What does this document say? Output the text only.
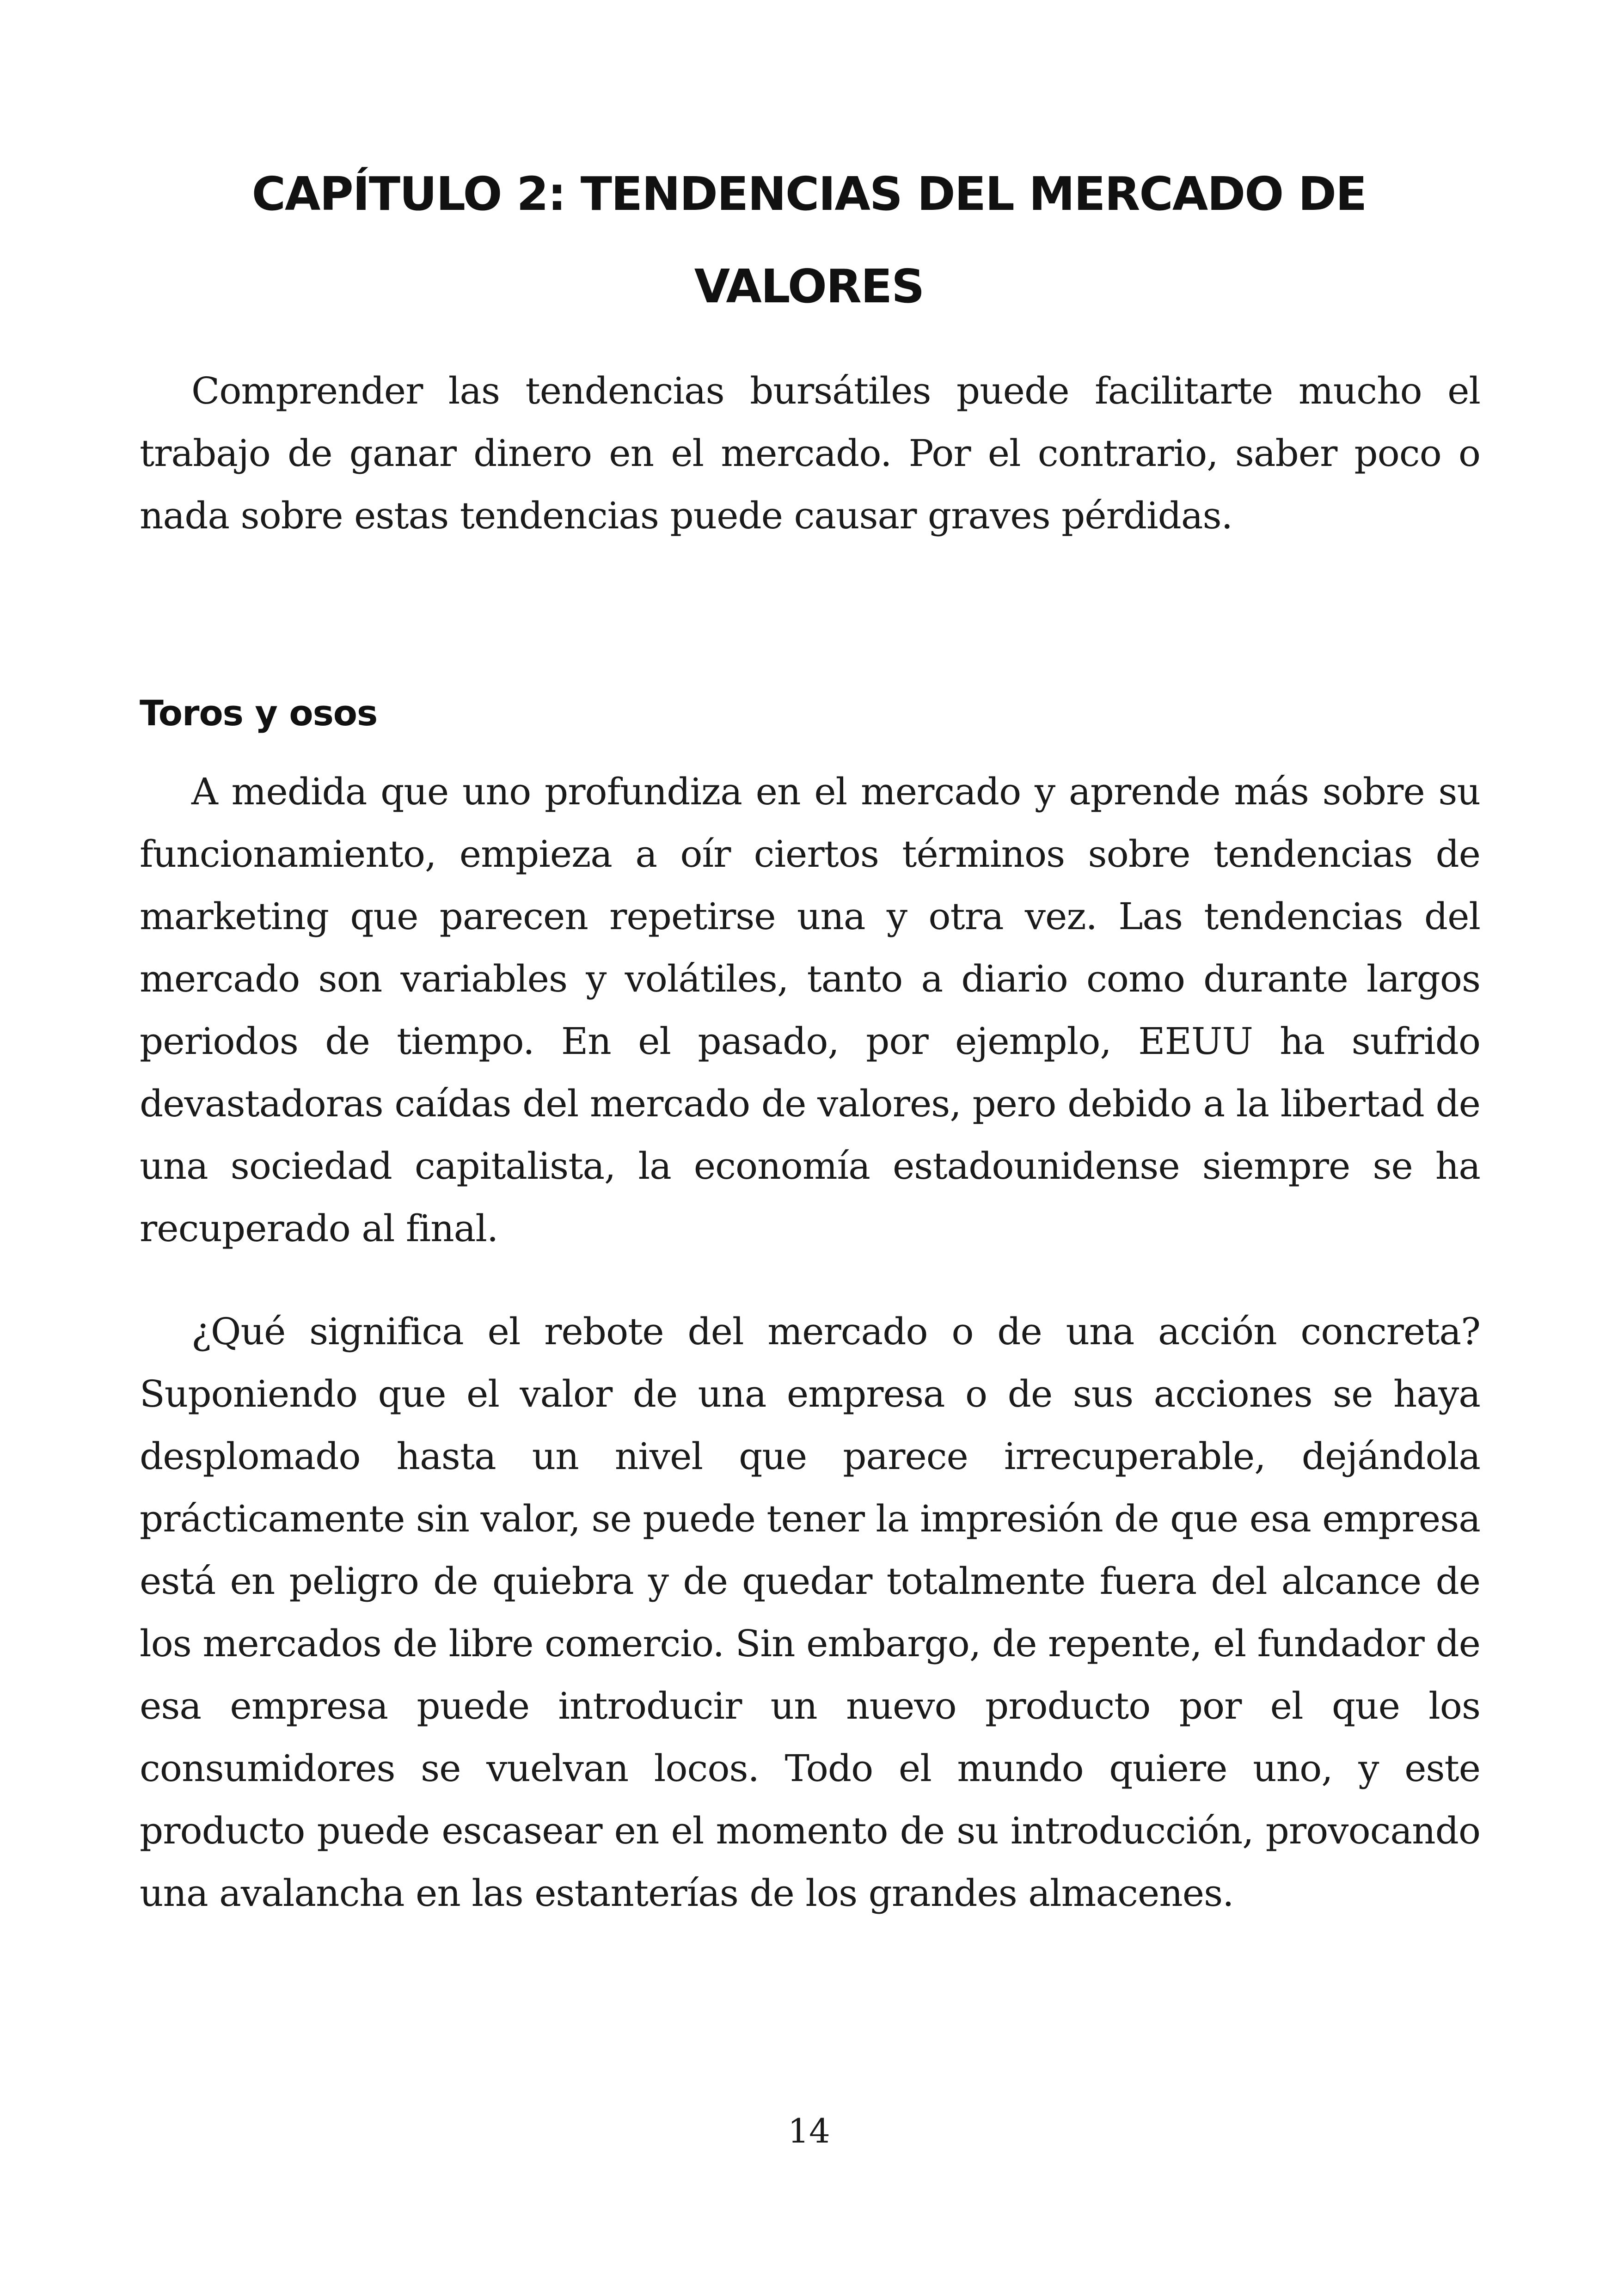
CAPÍTULO 2: TENDENCIAS DEL MERCADO DE
VALORES

Comprender las tendencias bursátiles puede facilitarte mucho el trabajo de ganar dinero en el mercado. Por el contrario, saber poco o nada sobre estas tendencias puede causar graves pérdidas.

Toros y osos

A medida que uno profundiza en el mercado y aprende más sobre su funcionamiento, empieza a oír ciertos términos sobre tendencias de marketing que parecen repetirse una y otra vez. Las tendencias del mercado son variables y volátiles, tanto a diario como durante largos periodos de tiempo. En el pasado, por ejemplo, EEUU ha sufrido devastadoras caídas del mercado de valores, pero debido a la libertad de una sociedad capitalista, la economía estadounidense siempre se ha recuperado al final.

¿Qué significa el rebote del mercado o de una acción concreta? Suponiendo que el valor de una empresa o de sus acciones se haya desplomado hasta un nivel que parece irrecuperable, dejándola prácticamente sin valor, se puede tener la impresión de que esa empresa está en peligro de quiebra y de quedar totalmente fuera del alcance de los mercados de libre comercio. Sin embargo, de repente, el fundador de esa empresa puede introducir un nuevo producto por el que los consumidores se vuelvan locos. Todo el mundo quiere uno, y este producto puede escasear en el momento de su introducción, provocando una avalancha en las estanterías de los grandes almacenes.

14
